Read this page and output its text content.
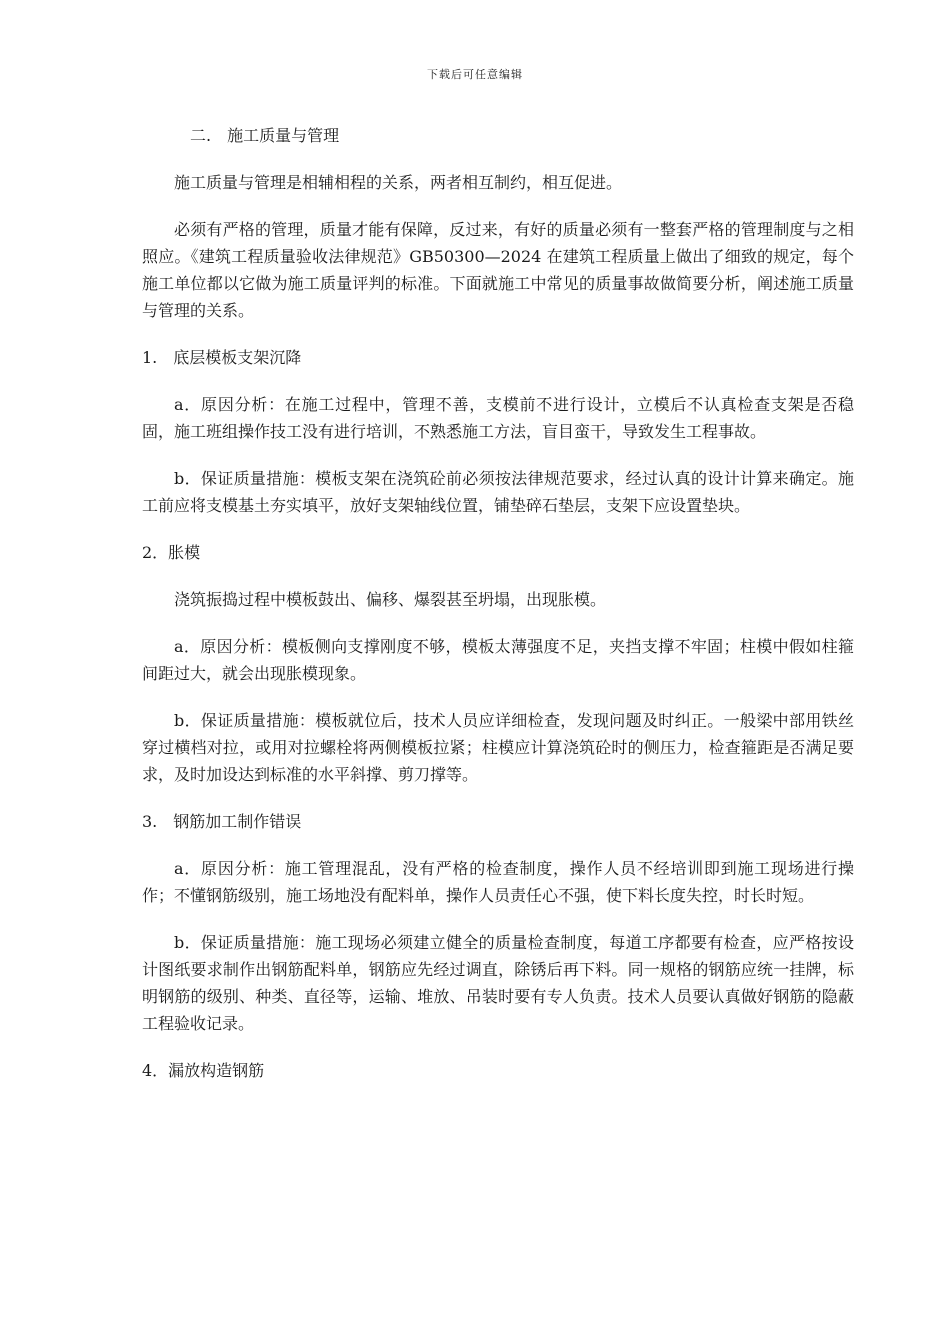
下载后可任意编辑

二.　施工质量与管理

施工质量与管理是相辅相程的关系，两者相互制约，相互促进。

必须有严格的管理，质量才能有保障，反过来，有好的质量必须有一整套严格的管理制度与之相照应。《建筑工程质量验收法律规范》GB50300—2024 在建筑工程质量上做出了细致的规定，每个施工单位都以它做为施工质量评判的标准。下面就施工中常见的质量事故做简要分析，阐述施工质量与管理的关系。

1.　底层模板支架沉降

a．原因分析：在施工过程中，管理不善，支模前不进行设计，立模后不认真检查支架是否稳固，施工班组操作技工没有进行培训，不熟悉施工方法，盲目蛮干，导致发生工程事故。

b．保证质量措施：模板支架在浇筑砼前必须按法律规范要求，经过认真的设计计算来确定。施工前应将支模基土夯实填平，放好支架轴线位置，铺垫碎石垫层，支架下应设置垫块。

2．胀模

浇筑振捣过程中模板鼓出、偏移、爆裂甚至坍塌，出现胀模。

a．原因分析：模板侧向支撑刚度不够，模板太薄强度不足，夹挡支撑不牢固；柱模中假如柱箍间距过大，就会出现胀模现象。

b．保证质量措施：模板就位后，技术人员应详细检查，发现问题及时纠正。一般梁中部用铁丝穿过横档对拉，或用对拉螺栓将两侧模板拉紧；柱模应计算浇筑砼时的侧压力，检查箍距是否满足要求，及时加设达到标准的水平斜撑、剪刀撑等。

3.　钢筋加工制作错误

a．原因分析：施工管理混乱，没有严格的检查制度，操作人员不经培训即到施工现场进行操作；不懂钢筋级别，施工场地没有配料单，操作人员责任心不强，使下料长度失控，时长时短。

b．保证质量措施：施工现场必须建立健全的质量检查制度，每道工序都要有检查，应严格按设计图纸要求制作出钢筋配料单，钢筋应先经过调直，除锈后再下料。同一规格的钢筋应统一挂牌，标明钢筋的级别、种类、直径等，运输、堆放、吊装时要有专人负责。技术人员要认真做好钢筋的隐蔽工程验收记录。

4．漏放构造钢筋
